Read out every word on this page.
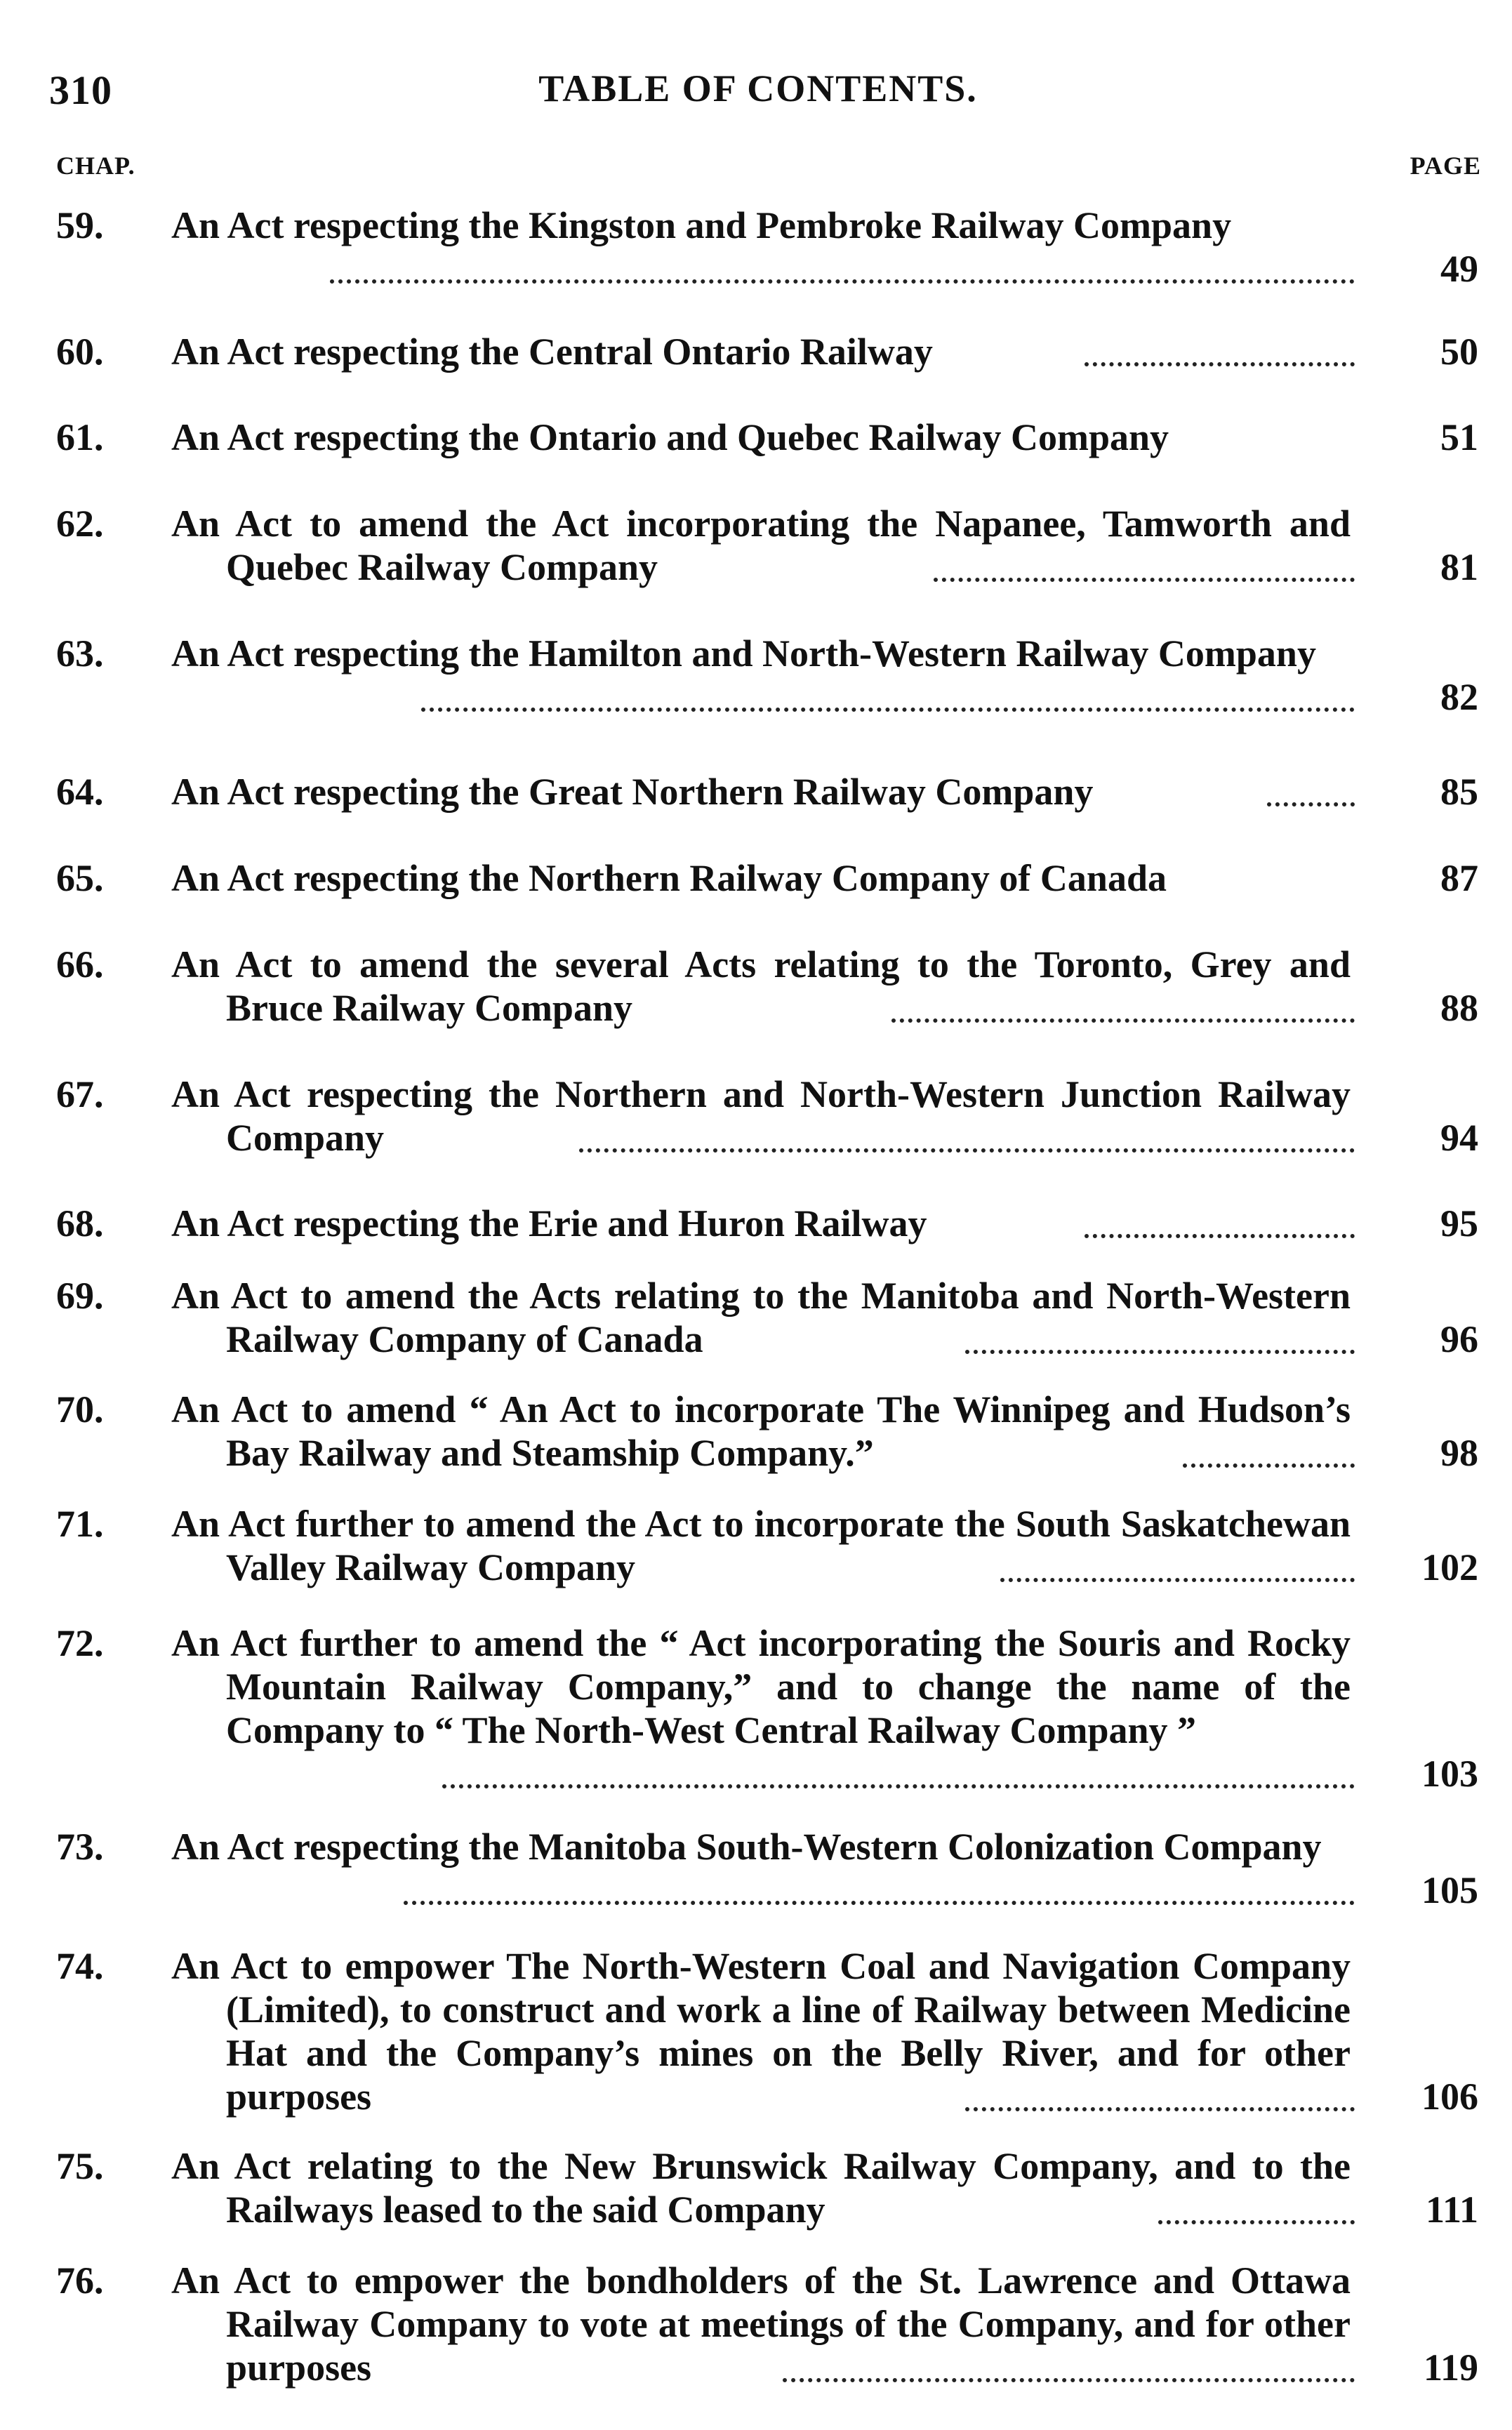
310	TABLE OF CONTENTS.
CHAP.	PAGE
59. An Act respecting the Kingston and Pembroke Railway Company
49
60. An Act respecting the Central Ontario Railway	50
61. An Act respecting the Ontario and Quebec Railway Company	51
62. An Act to amend the Act incorporating the Napanee, Tamworth and Quebec Railway Company	81
63. An Act respecting the Hamilton and North-Western Railway Company
82
64. An Act respecting the Great Northern Railway Company	85
65. An Act respecting the Northern Railway Company of Canada	87
66. An Act to amend the several Acts relating to the Toronto, Grey and Bruce Railway Company	88
67. An Act respecting the Northern and North-Western Junction Railway Company	94
68. An Act respecting the Erie and Huron Railway	95
69. An Act to amend the Acts relating to the Manitoba and North-Western Railway Company of Canada	96
70. An Act to amend “ An Act to incorporate The Winnipeg and Hudson’s Bay Railway and Steamship Company.”	98
71. An Act further to amend the Act to incorporate the South Saskatchewan Valley Railway Company	102
72. An Act further to amend the “ Act incorporating the Souris and Rocky Mountain Railway Company,” and to change the name of the Company to “ The North-West Central Railway Company ”
103
73. An Act respecting the Manitoba South-Western Colonization Company
105
74. An Act to empower The North-Western Coal and Navigation Company (Limited), to construct and work a line of Railway between Medicine Hat and the Company’s mines on the Belly River, and for other purposes	106
75. An Act relating to the New Brunswick Railway Company, and to the Railways leased to the said Company	111
76. An Act to empower the bondholders of the St. Lawrence and Ottawa Railway Company to vote at meetings of the Company, and for other purposes	119
